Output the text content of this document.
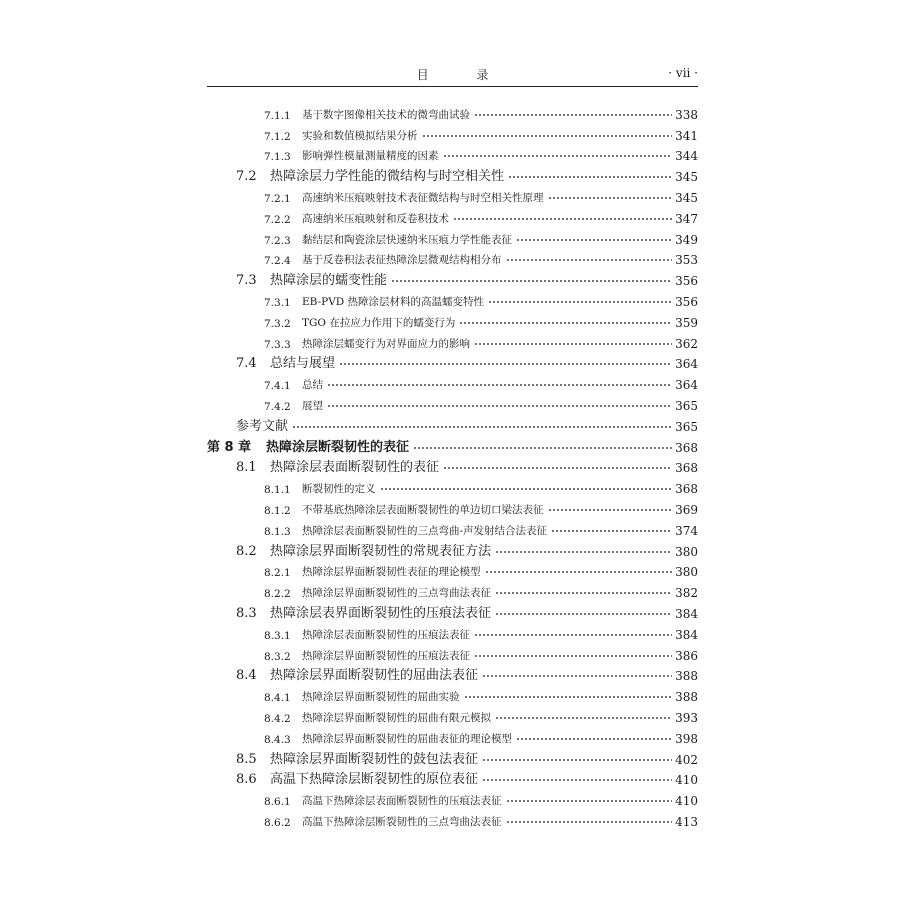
目 录	· vii ·
7.1.1	基于数字图像相关技术的微弯曲试验	338
7.1.2	实验和数值模拟结果分析	341
7.1.3	影响弹性模量测量精度的因素	344
7.2	热障涂层力学性能的微结构与时空相关性	345
7.2.1	高速纳米压痕映射技术表征微结构与时空相关性原理	345
7.2.2	高速纳米压痕映射和反卷积技术	347
7.2.3	黏结层和陶瓷涂层快速纳米压痕力学性能表征	349
7.2.4	基于反卷积法表征热障涂层微观结构相分布	353
7.3	热障涂层的蠕变性能	356
7.3.1	EB-PVD 热障涂层材料的高温蠕变特性	356
7.3.2	TGO 在拉应力作用下的蠕变行为	359
7.3.3	热障涂层蠕变行为对界面应力的影响	362
7.4	总结与展望	364
7.4.1	总结	364
7.4.2	展望	365
参考文献	365
第 8 章	热障涂层断裂韧性的表征	368
8.1	热障涂层表面断裂韧性的表征	368
8.1.1	断裂韧性的定义	368
8.1.2	不带基底热障涂层表面断裂韧性的单边切口梁法表征	369
8.1.3	热障涂层表面断裂韧性的三点弯曲-声发射结合法表征	374
8.2	热障涂层界面断裂韧性的常规表征方法	380
8.2.1	热障涂层界面断裂韧性表征的理论模型	380
8.2.2	热障涂层界面断裂韧性的三点弯曲法表征	382
8.3	热障涂层表界面断裂韧性的压痕法表征	384
8.3.1	热障涂层表面断裂韧性的压痕法表征	384
8.3.2	热障涂层界面断裂韧性的压痕法表征	386
8.4	热障涂层界面断裂韧性的屈曲法表征	388
8.4.1	热障涂层界面断裂韧性的屈曲实验	388
8.4.2	热障涂层界面断裂韧性的屈曲有限元模拟	393
8.4.3	热障涂层界面断裂韧性的屈曲表征的理论模型	398
8.5	热障涂层界面断裂韧性的鼓包法表征	402
8.6	高温下热障涂层断裂韧性的原位表征	410
8.6.1	高温下热障涂层表面断裂韧性的压痕法表征	410
8.6.2	高温下热障涂层断裂韧性的三点弯曲法表征	413
